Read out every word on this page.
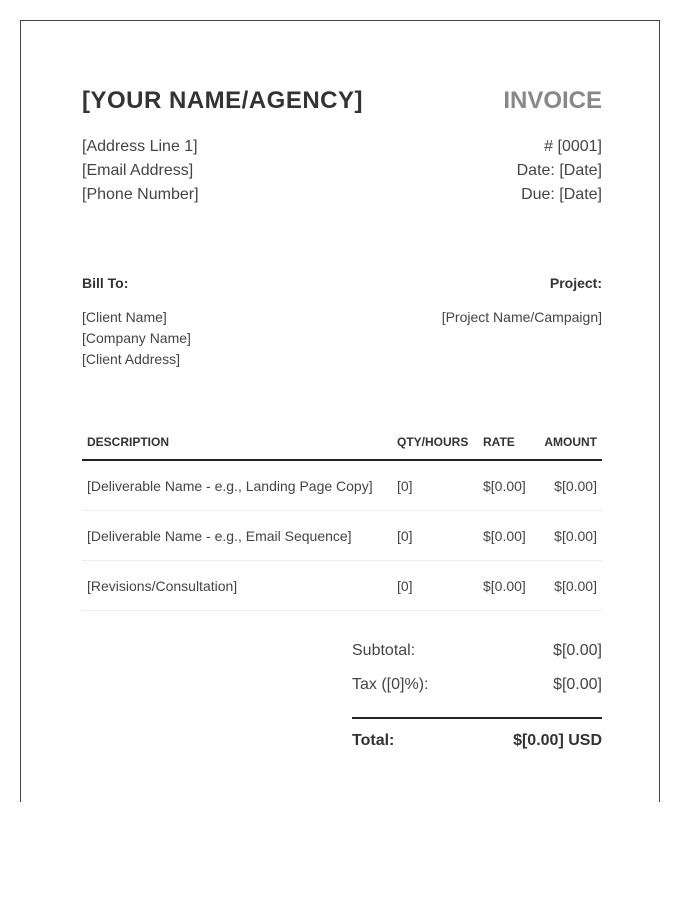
[YOUR NAME/AGENCY]	INVOICE
[Address Line 1]
[Email Address]
[Phone Number]
# [0001]
Date: [Date]
Due: [Date]
Bill To:	Project:
[Client Name]
[Company Name]
[Client Address]
[Project Name/Campaign]
DESCRIPTION	QTY/HOURS RATE AMOUNT
[Deliverable Name - e.g., Landing Page Copy] [0]	$[0.00] $[0.00]
[Deliverable Name - e.g., Email Sequence]	[0]	$[0.00] $[0.00]
[Revisions/Consultation]	[0]	$[0.00] $[0.00]
Subtotal:	$[0.00]
Tax ([0]%):	$[0.00]
Total:	$[0.00] USD
